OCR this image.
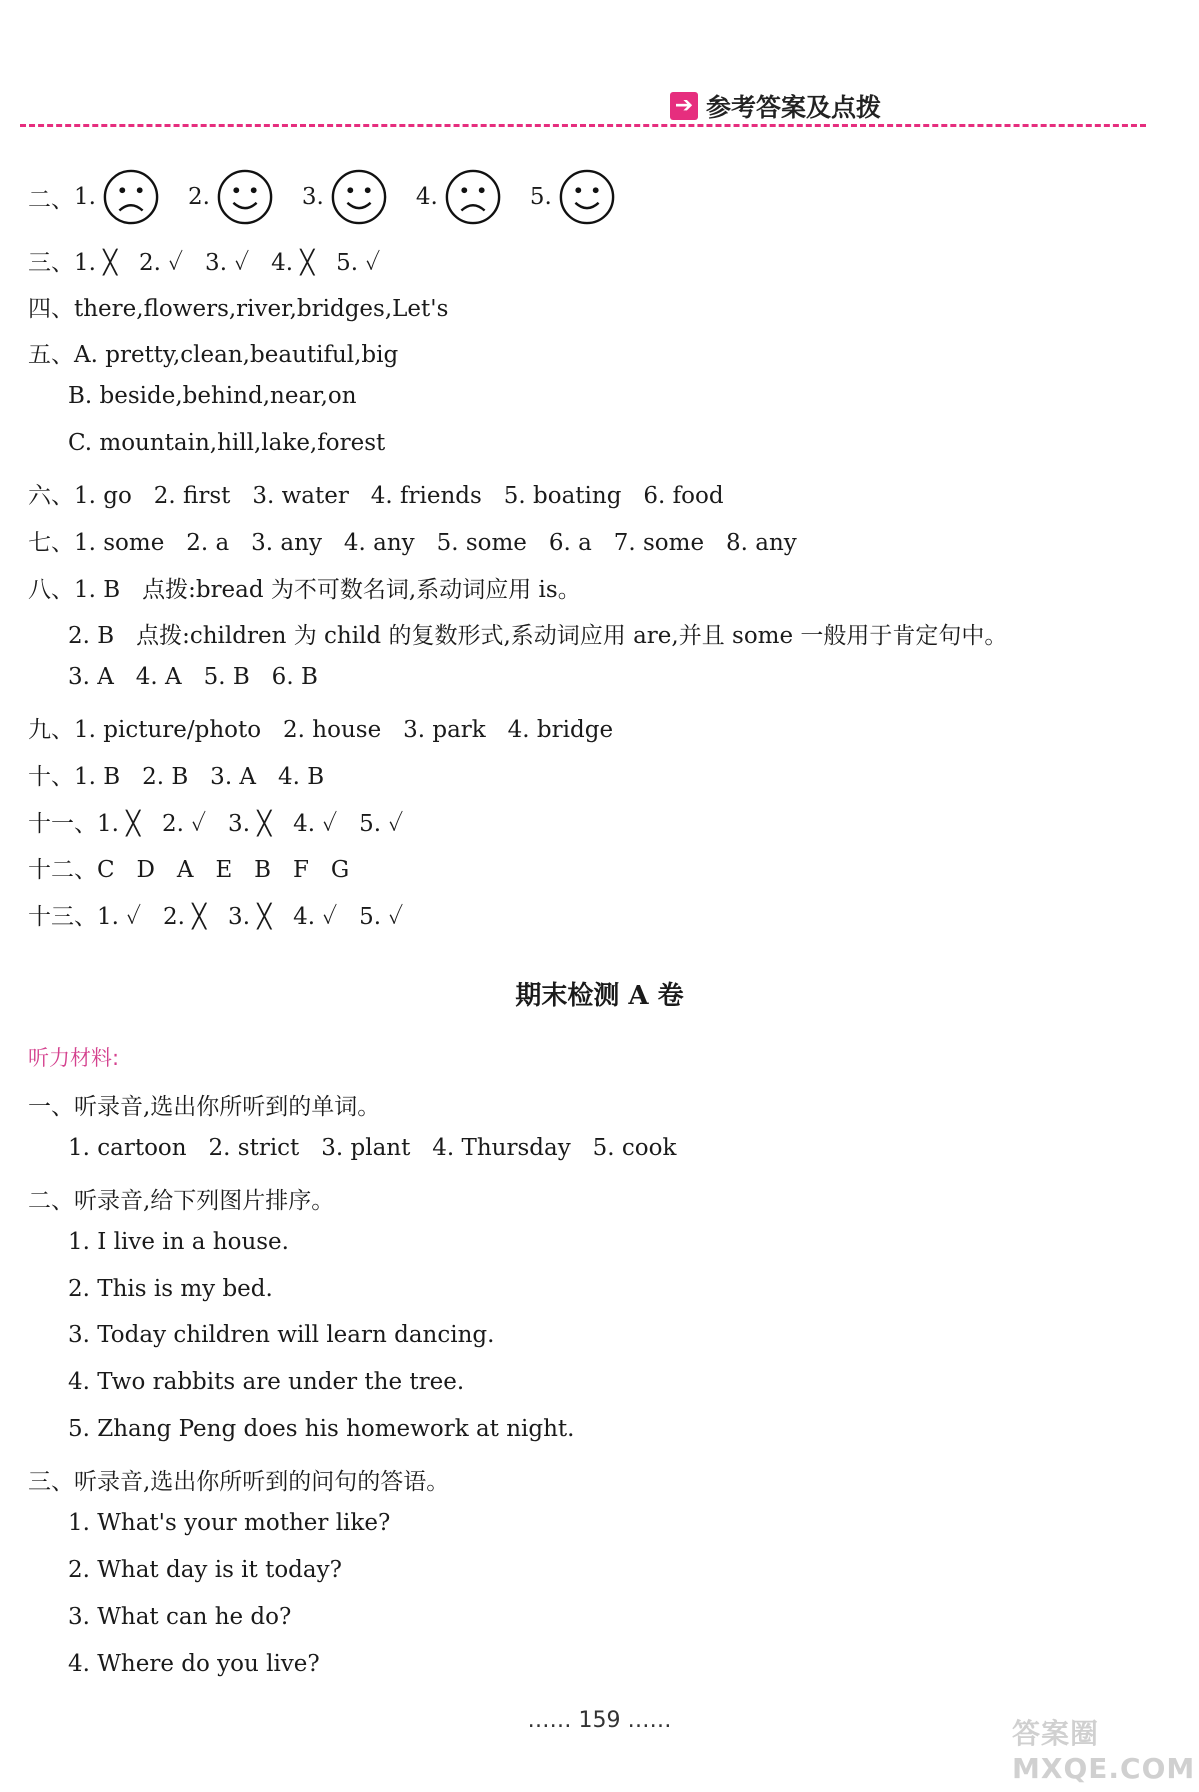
➔ 参考答案及点拨
二、 1.	2.	3.	4.	5.
三、1. ╳   2. ✓   3. ✓   4. ╳   5. ✓
四、there,flowers,river,bridges,Let's
五、A. pretty,clean,beautiful,big
B. beside,behind,near,on
C. mountain,hill,lake,forest
六、1. go   2. first   3. water   4. friends   5. boating   6. food
七、1. some   2. a   3. any   4. any   5. some   6. a   7. some   8. any
八、1. B   点拨:bread 为不可数名词,系动词应用 is。
2. B   点拨:children 为 child 的复数形式,系动词应用 are,并且 some 一般用于肯定句中。
3. A   4. A   5. B   6. B
九、1. picture/photo   2. house   3. park   4. bridge
十、1. B   2. B   3. A   4. B
十一、1. ╳   2. ✓   3. ╳   4. ✓   5. ✓
十二、C   D   A   E   B   F   G
十三、1. ✓   2. ╳   3. ╳   4. ✓   5. ✓
期末检测 A 卷
听力材料:
一、听录音,选出你所听到的单词。
1. cartoon   2. strict   3. plant   4. Thursday   5. cook
二、听录音,给下列图片排序。
1. I live in a house.
2. This is my bed.
3. Today children will learn dancing.
4. Two rabbits are under the tree.
5. Zhang Peng does his homework at night.
三、听录音,选出你所听到的问句的答语。
1. What's your mother like?
2. What day is it today?
3. What can he do?
4. Where do you live?
…… 159 ……	答案圈 MXQE.COM
